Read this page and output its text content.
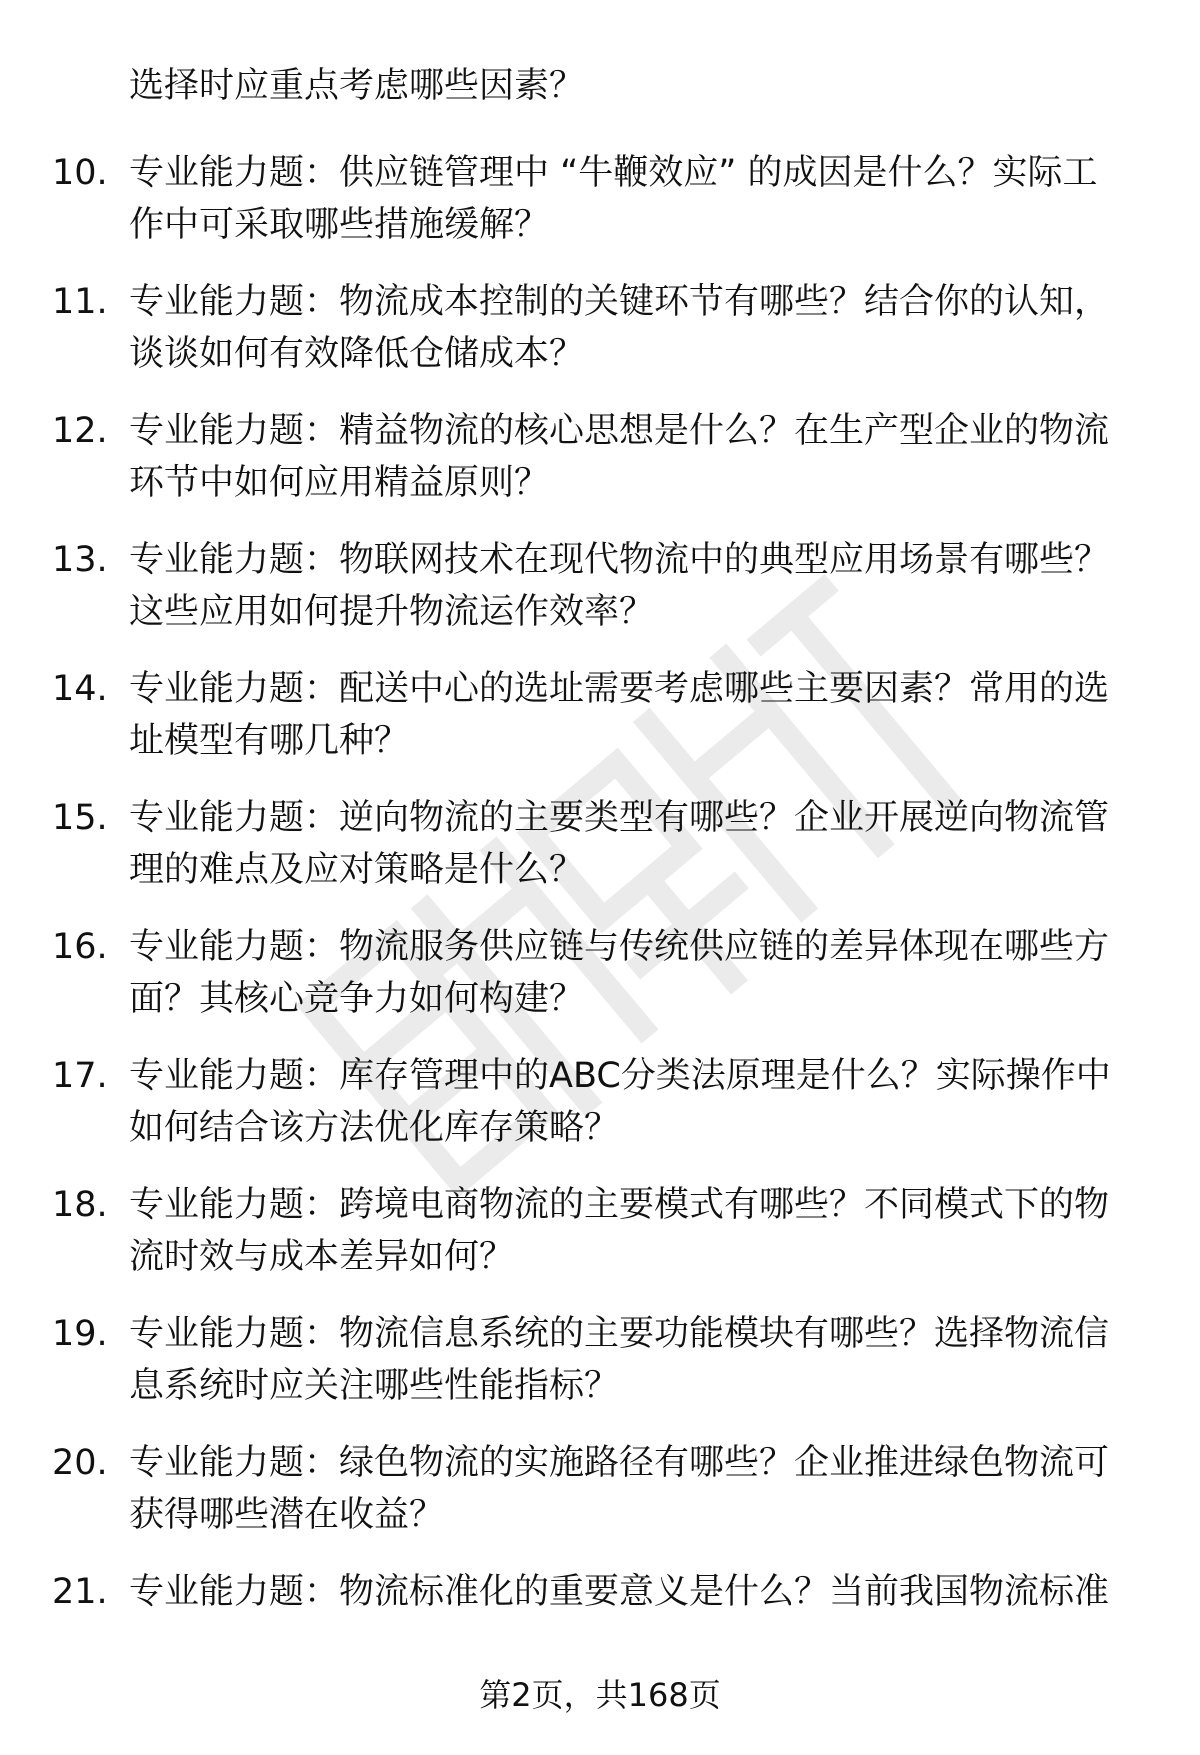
选择时应重点考虑哪些因素？
10. 专业能力题：供应链管理中 “牛鞭效应” 的成因是什么？实际工
作中可采取哪些措施缓解？
11. 专业能力题：物流成本控制的关键环节有哪些？结合你的认知，
谈谈如何有效降低仓储成本？
12. 专业能力题：精益物流的核心思想是什么？在生产型企业的物流
环节中如何应用精益原则？
13. 专业能力题：物联网技术在现代物流中的典型应用场景有哪些？
这些应用如何提升物流运作效率？
14. 专业能力题：配送中心的选址需要考虑哪些主要因素？常用的选
址模型有哪几种？
15. 专业能力题：逆向物流的主要类型有哪些？企业开展逆向物流管
理的难点及应对策略是什么？
16. 专业能力题：物流服务供应链与传统供应链的差异体现在哪些方
面？其核心竞争力如何构建？
17. 专业能力题：库存管理中的ABC分类法原理是什么？实际操作中
如何结合该方法优化库存策略？
18. 专业能力题：跨境电商物流的主要模式有哪些？不同模式下的物
流时效与成本差异如何？
19. 专业能力题：物流信息系统的主要功能模块有哪些？选择物流信
息系统时应关注哪些性能指标？
20. 专业能力题：绿色物流的实施路径有哪些？企业推进绿色物流可
获得哪些潜在收益？
21. 专业能力题：物流标准化的重要意义是什么？当前我国物流标准
第2页，共168页
